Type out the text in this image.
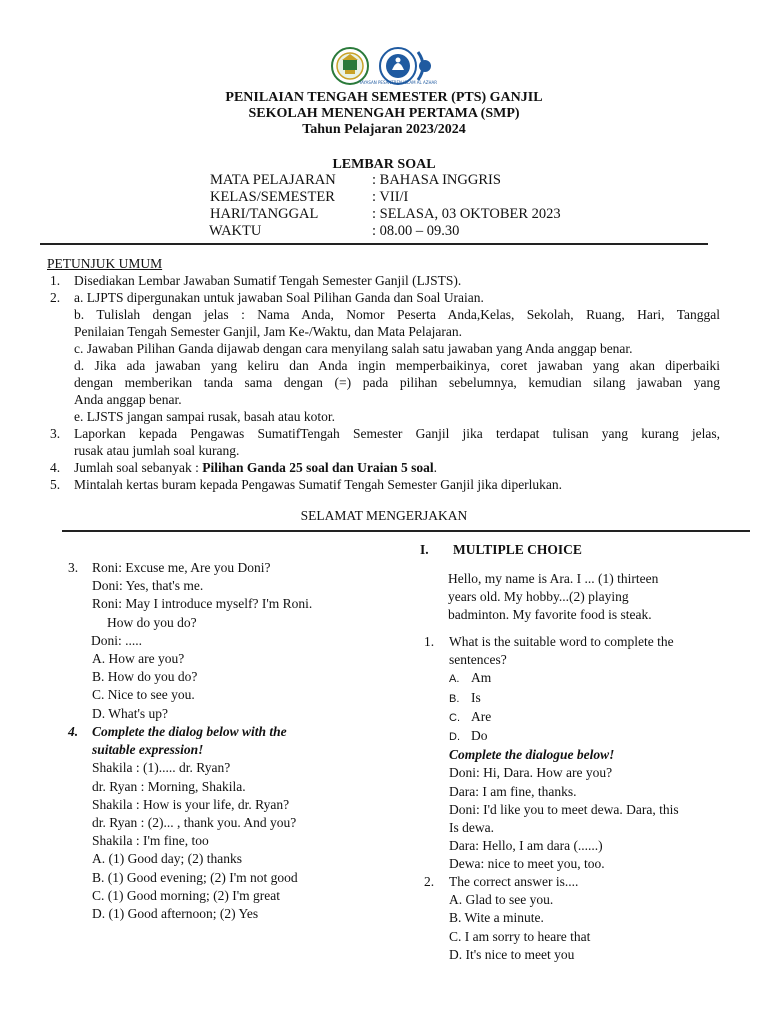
YAYASAN PESANTREN ISLAM AL AZHAR
PENILAIAN TENGAH SEMESTER (PTS) GANJIL
SEKOLAH MENENGAH PERTAMA (SMP)
Tahun Pelajaran 2023/2024
LEMBAR SOAL
MATA PELAJARAN	: BAHASA INGGRIS
KELAS/SEMESTER	: VII/I
HARI/TANGGAL	: SELASA, 03 OKTOBER 2023
WAKTU	: 08.00 – 09.30
PETUNJUK UMUM
1. Disediakan Lembar Jawaban Sumatif Tengah Semester Ganjil (LJSTS).
2. a. LJPTS dipergunakan untuk jawaban Soal Pilihan Ganda dan Soal Uraian.
b. Tulislah dengan jelas : Nama Anda, Nomor Peserta Anda,Kelas, Sekolah, Ruang, Hari, Tanggal
Penilaian Tengah Semester Ganjil, Jam Ke-/Waktu, dan Mata Pelajaran.
c. Jawaban Pilihan Ganda dijawab dengan cara menyilang salah satu jawaban yang Anda anggap benar.
d. Jika ada jawaban yang keliru dan Anda ingin memperbaikinya, coret jawaban yang akan diperbaiki
dengan memberikan tanda sama dengan (=) pada pilihan sebelumnya, kemudian silang jawaban yang
Anda anggap benar.
e. LJSTS jangan sampai rusak, basah atau kotor.
3. Laporkan kepada Pengawas SumatifTengah Semester Ganjil jika terdapat tulisan yang kurang jelas,
rusak atau jumlah soal kurang.
4. Jumlah soal sebanyak : Pilihan Ganda 25 soal dan Uraian 5 soal.
5. Mintalah kertas buram kepada Pengawas Sumatif Tengah Semester Ganjil jika diperlukan.
SELAMAT MENGERJAKAN
3. Roni: Excuse me, Are you Doni?
Doni: Yes, that's me.
Roni: May I introduce myself? I'm Roni.
How do you do?
Doni: .....
A. How are you?
B. How do you do?
C. Nice to see you.
D. What's up?
4. Complete the dialog below with the
suitable expression!
Shakila : (1)..... dr. Ryan?
dr. Ryan : Morning, Shakila.
Shakila : How is your life, dr. Ryan?
dr. Ryan : (2)... , thank you. And you?
Shakila : I'm fine, too
A. (1) Good day; (2) thanks
B. (1) Good evening; (2) I'm not good
C. (1) Good morning; (2) I'm great
D. (1) Good afternoon; (2) Yes
I. MULTIPLE CHOICE
Hello, my name is Ara. I ... (1) thirteen
years old. My hobby...(2) playing
badminton. My favorite food is steak.
1. What is the suitable word to complete the
sentences?
A. Am
B. Is
C. Are
D. Do
Complete the dialogue below!
Doni: Hi, Dara. How are you?
Dara: I am fine, thanks.
Doni: I'd like you to meet dewa. Dara, this
Is dewa.
Dara: Hello, I am dara (......)
Dewa: nice to meet you, too.
2. The correct answer is....
A. Glad to see you.
B. Wite a minute.
C. I am sorry to heare that
D. It's nice to meet you
